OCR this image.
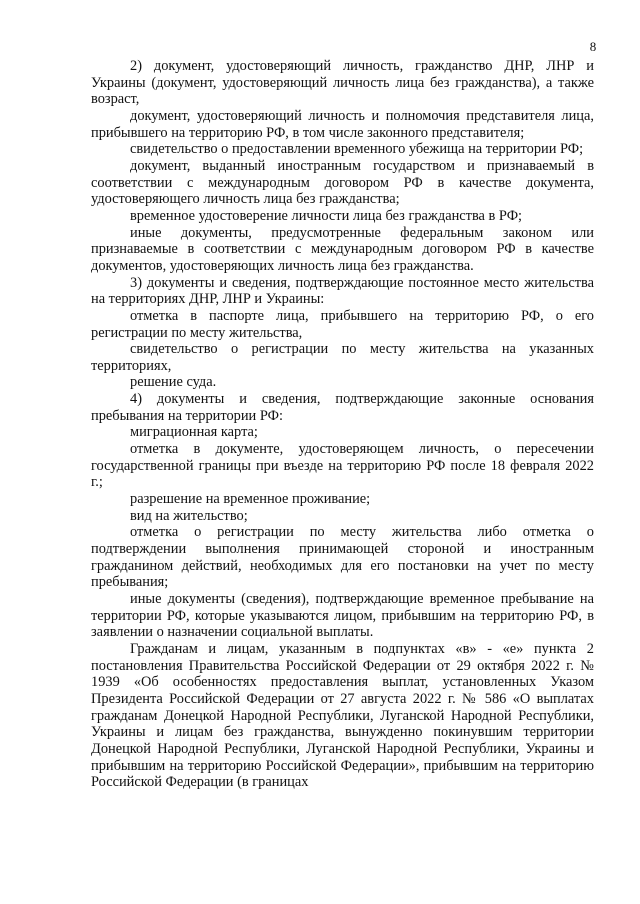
8

2) документ, удостоверяющий личность, гражданство ДНР, ЛНР и Украины (документ, удостоверяющий личность лица без гражданства), а также возраст,

документ, удостоверяющий личность и полномочия представителя лица, прибывшего на территорию РФ, в том числе законного представителя;

свидетельство о предоставлении временного убежища на территории РФ;

документ, выданный иностранным государством и признаваемый в соответствии с международным договором РФ в качестве документа, удостоверяющего личность лица без гражданства;

временное удостоверение личности лица без гражданства в РФ;

иные документы, предусмотренные федеральным законом или признаваемые в соответствии с международным договором РФ в качестве документов, удостоверяющих личность лица без гражданства.

3) документы и сведения, подтверждающие постоянное место жительства на территориях ДНР, ЛНР и Украины:

отметка в паспорте лица, прибывшего на территорию РФ, о его регистрации по месту жительства,

свидетельство о регистрации по месту жительства на указанных территориях,

решение суда.

4) документы и сведения, подтверждающие законные основания пребывания на территории РФ:

миграционная карта;

отметка в документе, удостоверяющем личность, о пересечении государственной границы при въезде на территорию РФ после 18 февраля 2022 г.;

разрешение на временное проживание;

вид на жительство;

отметка о регистрации по месту жительства либо отметка о подтверждении выполнения принимающей стороной и иностранным гражданином действий, необходимых для его постановки на учет по месту пребывания;

иные документы (сведения), подтверждающие временное пребывание на территории РФ, которые указываются лицом, прибывшим на территорию РФ, в заявлении о назначении социальной выплаты.

Гражданам и лицам, указанным в подпунктах «в» - «е» пункта 2 постановления Правительства Российской Федерации от 29 октября 2022 г. № 1939 «Об особенностях предоставления выплат, установленных Указом Президента Российской Федерации от 27 августа 2022 г. № 586 «О выплатах гражданам Донецкой Народной Республики, Луганской Народной Республики, Украины и лицам без гражданства, вынужденно покинувшим территории Донецкой Народной Республики, Луганской Народной Республики, Украины и прибывшим на территорию Российской Федерации», прибывшим на территорию Российской Федерации (в границах
